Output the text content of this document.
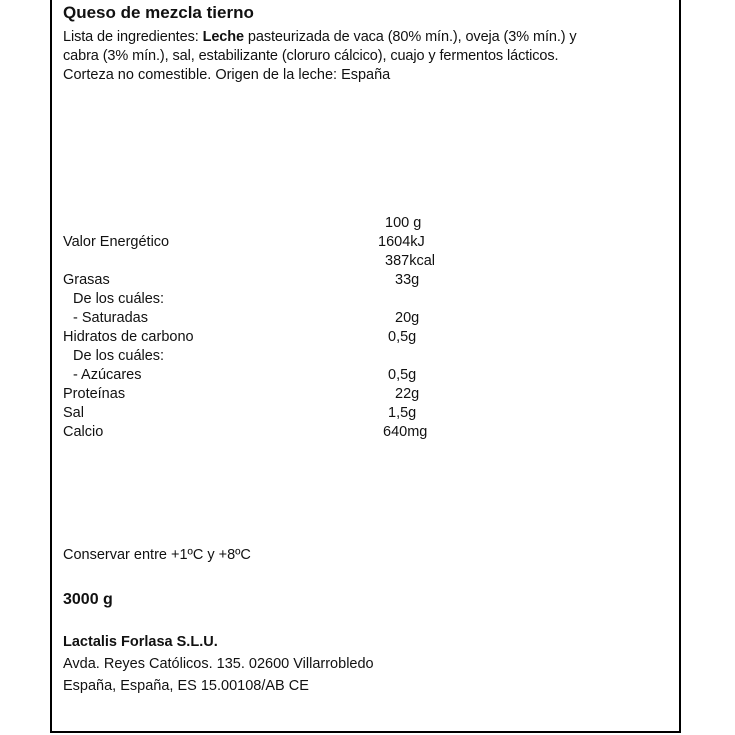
Queso de mezcla tierno
Lista de ingredientes: Leche pasteurizada de vaca (80% mín.), oveja (3% mín.) y
cabra (3% mín.), sal, estabilizante (cloruro cálcico), cuajo y fermentos lácticos.
Corteza no comestible. Origen de la leche: España
100 g
Valor Energético	1604kJ
387kcal
Grasas	33g
De los cuáles:
- Saturadas	20g
Hidratos de carbono	0,5g
De los cuáles:
- Azúcares	0,5g
Proteínas	22g
Sal	1,5g
Calcio	640mg
Conservar entre +1ºC y +8ºC
3000 g
Lactalis Forlasa S.L.U.
Avda. Reyes Católicos. 135. 02600 Villarrobledo
España, España, ES 15.00108/AB CE
